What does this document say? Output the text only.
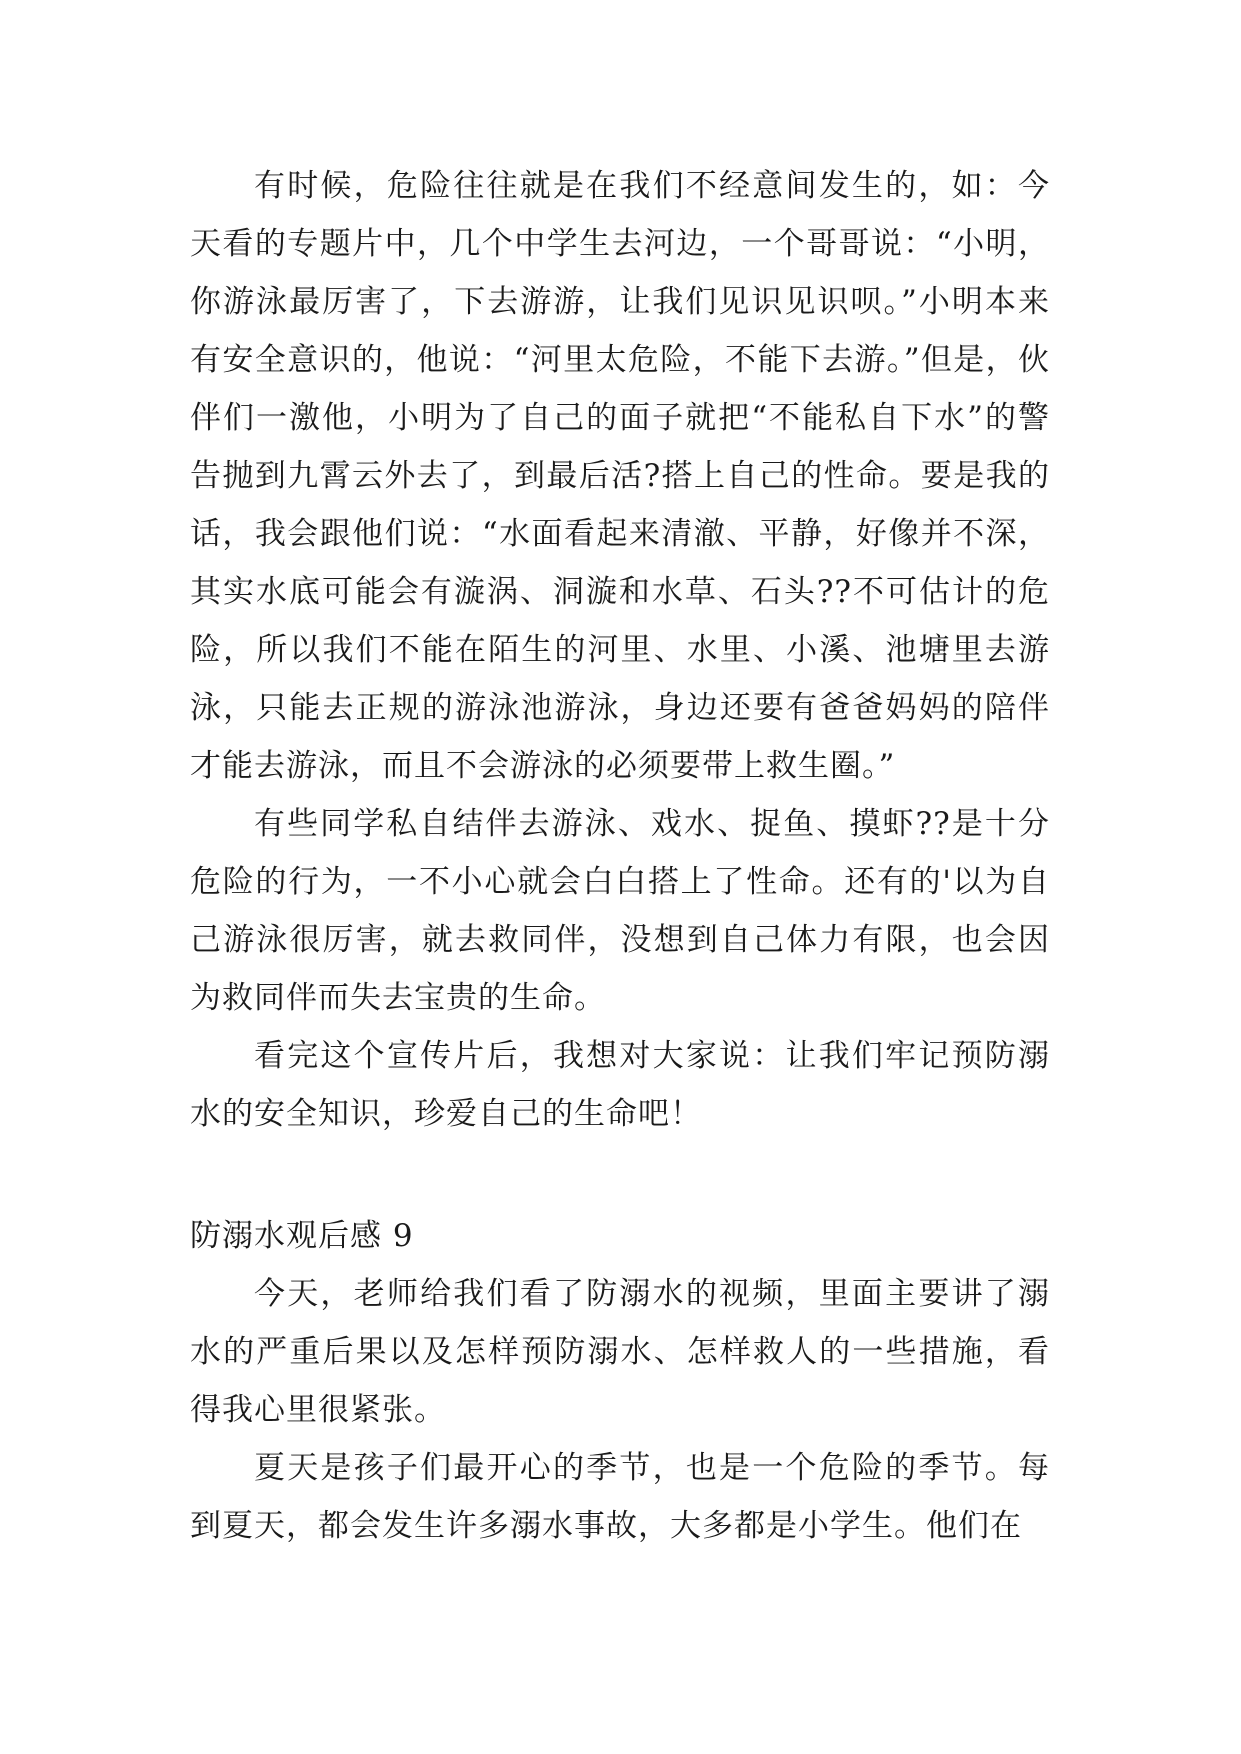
有时候，危险往往就是在我们不经意间发生的，如：今天看的专题片中，几个中学生去河边，一个哥哥说：“小明，你游泳最厉害了，下去游游，让我们见识见识呗。”小明本来有安全意识的，他说：“河里太危险，不能下去游。”但是，伙伴们一激他，小明为了自己的面子就把“不能私自下水”的警告抛到九霄云外去了，到最后活?搭上自己的性命。要是我的话，我会跟他们说：“水面看起来清澈、平静，好像并不深，其实水底可能会有漩涡、洞漩和水草、石头??不可估计的危险，所以我们不能在陌生的河里、水里、小溪、池塘里去游泳，只能去正规的游泳池游泳，身边还要有爸爸妈妈的陪伴才能去游泳，而且不会游泳的必须要带上救生圈。”

有些同学私自结伴去游泳、戏水、捉鱼、摸虾??是十分危险的行为，一不小心就会白白搭上了性命。还有的'以为自己游泳很厉害，就去救同伴，没想到自己体力有限，也会因为救同伴而失去宝贵的生命。

看完这个宣传片后，我想对大家说：让我们牢记预防溺水的安全知识，珍爱自己的生命吧！

防溺水观后感 9

今天，老师给我们看了防溺水的视频，里面主要讲了溺水的严重后果以及怎样预防溺水、怎样救人的一些措施，看得我心里很紧张。

夏天是孩子们最开心的季节，也是一个危险的季节。每到夏天，都会发生许多溺水事故，大多都是小学生。他们在
